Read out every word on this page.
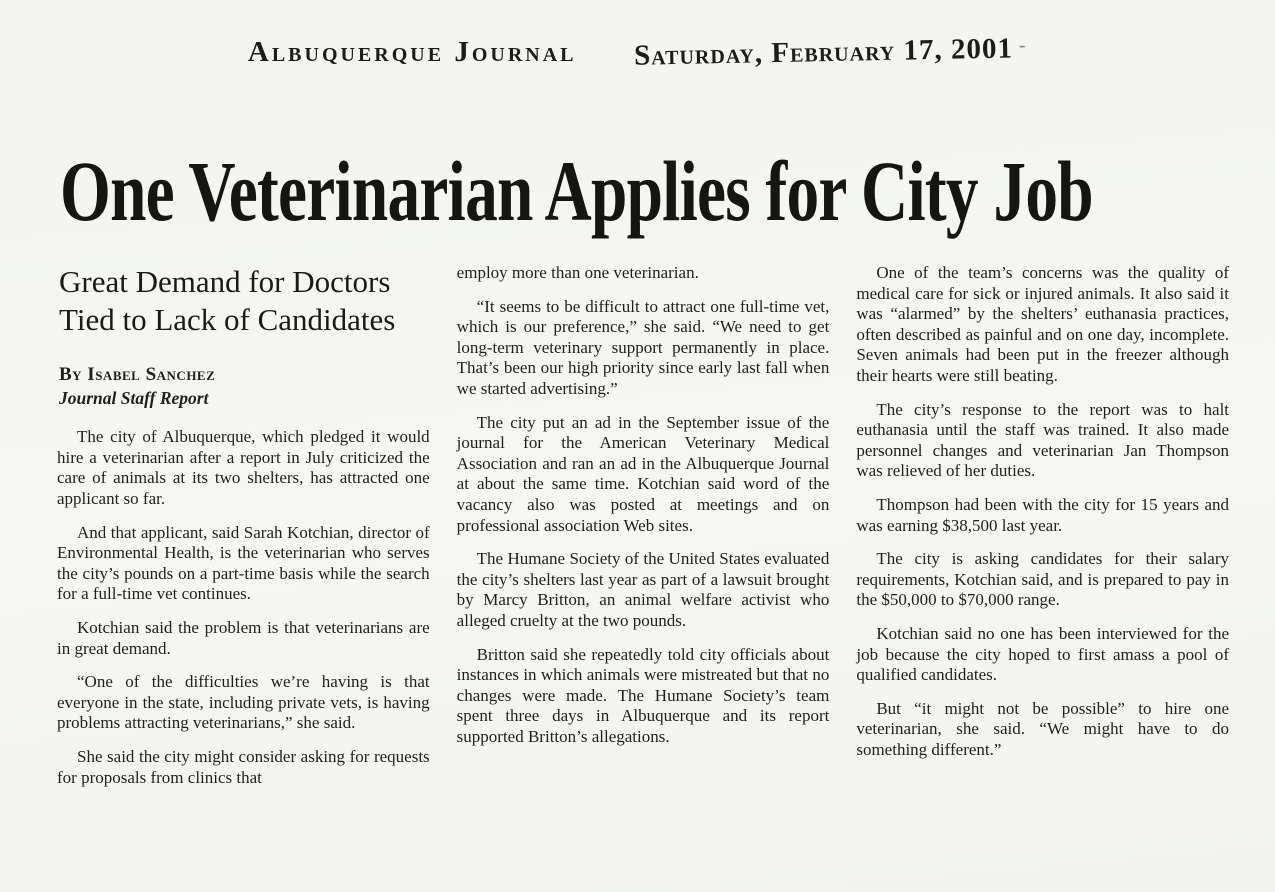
Albuquerque Journal Saturday, February 17, 2001 -
One Veterinarian Applies for City Job
Great Demand for Doctors
Tied to Lack of Candidates
By Isabel Sanchez
Journal Staff Report

The city of Albuquerque, which pledged it would hire a veterinarian after a report in July criticized the care of animals at its two shelters, has attracted one applicant so far.

And that applicant, said Sarah Kotchian, director of Environmental Health, is the veterinarian who serves the city’s pounds on a part-time basis while the search for a full-time vet continues.

Kotchian said the problem is that veterinarians are in great demand.

“One of the difficulties we’re having is that everyone in the state, including private vets, is having problems attracting veterinarians,” she said.

She said the city might consider asking for requests for proposals from clinics that

employ more than one veterinarian.

“It seems to be difficult to attract one full-time vet, which is our preference,” she said. “We need to get long-term veterinary support permanently in place. That’s been our high priority since early last fall when we started advertising.”

The city put an ad in the September issue of the journal for the American Veterinary Medical Association and ran an ad in the Albuquerque Journal at about the same time. Kotchian said word of the vacancy also was posted at meetings and on professional association Web sites.

The Humane Society of the United States evaluated the city’s shelters last year as part of a lawsuit brought by Marcy Britton, an animal welfare activist who alleged cruelty at the two pounds.

Britton said she repeatedly told city officials about instances in which animals were mistreated but that no changes were made. The Humane Society’s team spent three days in Albuquerque and its report supported Britton’s allegations.

One of the team’s concerns was the quality of medical care for sick or injured animals. It also said it was “alarmed” by the shelters’ euthanasia practices, often described as painful and on one day, incomplete. Seven animals had been put in the freezer although their hearts were still beating.

The city’s response to the report was to halt euthanasia until the staff was trained. It also made personnel changes and veterinarian Jan Thompson was relieved of her duties.

Thompson had been with the city for 15 years and was earning $38,500 last year.

The city is asking candidates for their salary requirements, Kotchian said, and is prepared to pay in the $50,000 to $70,000 range.

Kotchian said no one has been interviewed for the job because the city hoped to first amass a pool of qualified candidates.

But “it might not be possible” to hire one veterinarian, she said. “We might have to do something different.”
